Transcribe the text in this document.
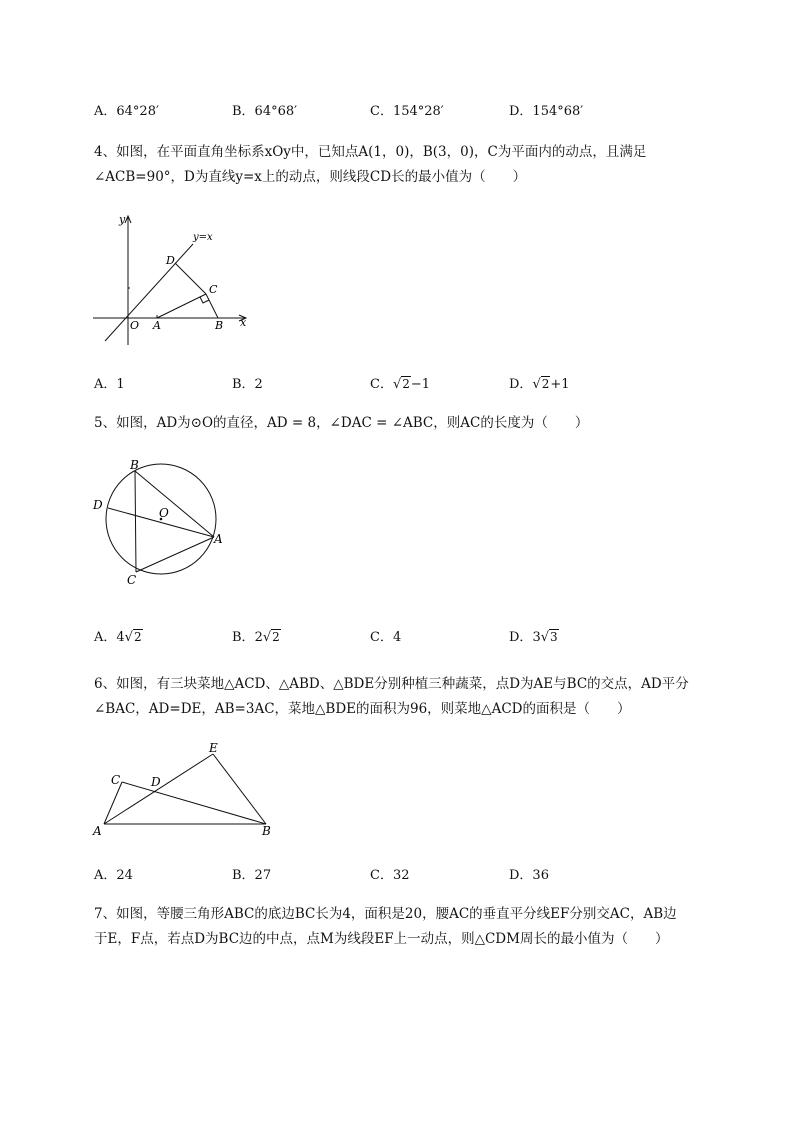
A．64°28′	B．64°68′	C．154°28′	D．154°68′
4、如图，在平面直角坐标系xOy中，已知点A(1，0)，B(3，0)，C为平面内的动点，且满足
∠ACB=90°，D为直线y=x上的动点，则线段CD长的最小值为（　　）
y
y=x
D
C
O A	B x
A．1	B．2	C．√2−1	D．√2+1
5、如图，AD为⊙O的直径，AD = 8，∠DAC = ∠ABC，则AC的长度为（　　）
B
D
O
A
C
A．4√2	B．2√2	C．4	D．3√3
6、如图，有三块菜地△ACD、△ABD、△BDE分别种植三种蔬菜，点D为AE与BC的交点，AD平分
∠BAC，AD=DE，AB=3AC，菜地△BDE的面积为96，则菜地△ACD的面积是（　　）
E
C	D
A	B
A．24	B．27	C．32	D．36
7、如图，等腰三角形ABC的底边BC长为4，面积是20，腰AC的垂直平分线EF分别交AC，AB边
于E，F点，若点D为BC边的中点，点M为线段EF上一动点，则△CDM周长的最小值为（　　）
